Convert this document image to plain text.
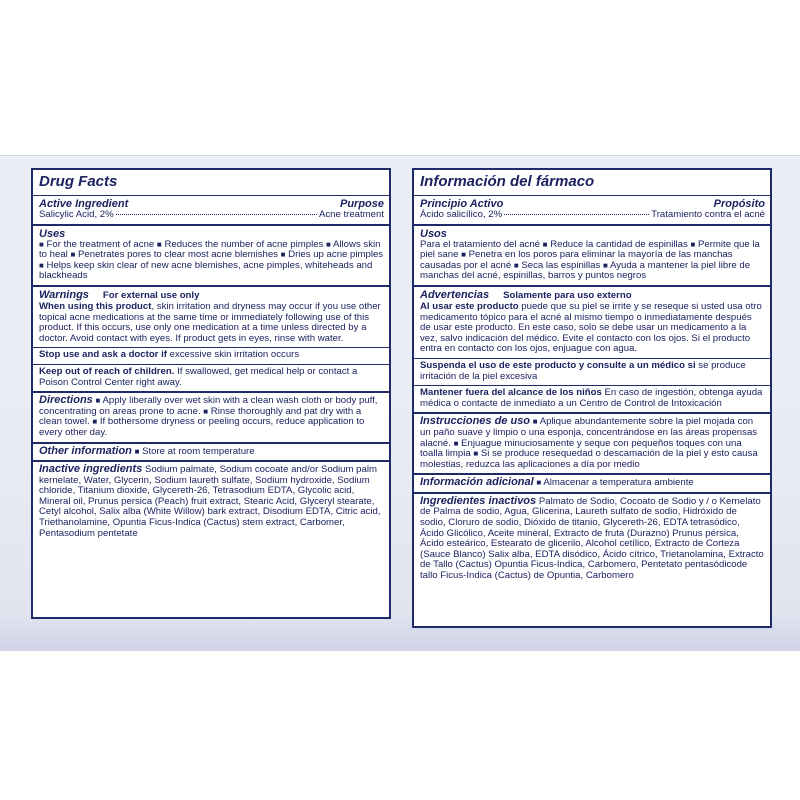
Drug Facts
Active Ingredient	Purpose
Salicylic Acid, 2%	Acne treatment
Uses

■ For the treatment of acne ■ Reduces the number of acne pimples ■ Allows skin to heal ■ Penetrates pores to clear most acne blemishes ■ Dries up acne pimples ■ Helps keep skin clear of new acne blemishes, acne pimples, whiteheads and blackheads

Warnings For external use only

When using this product, skin irritation and dryness may occur if you use other topical acne medications at the same time or immediately following use of this product. If this occurs, use only one medication at a time unless directed by a doctor. Avoid contact with eyes. If product gets in eyes, rinse with water.

Stop use and ask a doctor if excessive skin irritation occurs

Keep out of reach of children. If swallowed, get medical help or contact a Poison Control Center right away.

Directions ■ Apply liberally over wet skin with a clean wash cloth or body puff, concentrating on areas prone to acne. ■ Rinse thoroughly and pat dry with a clean towel. ■ If bothersome dryness or peeling occurs, reduce application to every other day.

Other information ■ Store at room temperature

Inactive ingredients Sodium palmate, Sodium cocoate and/or Sodium palm kernelate, Water, Glycerin, Sodium laureth sulfate, Sodium hydroxide, Sodium chloride, Titanium dioxide, Glycereth-26, Tetrasodium EDTA, Glycolic acid, Mineral oil, Prunus persica (Peach) fruit extract, Stearic Acid, Glyceryl stearate, Cetyl alcohol, Salix alba (White Willow) bark extract, Disodium EDTA, Citric acid, Triethanolamine, Opuntia Ficus-Indica (Cactus) stem extract, Carbomer, Pentasodium pentetate

Información del fármaco
Principio Activo	Propósito
Ácido salicílico, 2%	Tratamiento contra el acné
Usos

Para el tratamiento del acné ■ Reduce la cantidad de espinillas ■ Permite que la piel sane ■ Penetra en los poros para eliminar la mayoría de las manchas causadas por el acné ■ Seca las espinillas ■ Ayuda a mantener la piel libre de manchas del acné, espinillas, barros y puntos negros

Advertencias Solamente para uso externo

Al usar este producto puede que su piel se irrite y se reseque si usted usa otro medicamento tópico para el acné al mismo tiempo o inmediatamente después de usar este producto. En este caso, solo se debe usar un medicamento a la vez, salvo indicación del médico. Evite el contacto con los ojos. Si el producto entra en contacto con los ojos, enjuague con agua.

Suspenda el uso de este producto y consulte a un médico si se produce irritación de la piel excesiva

Mantener fuera del alcance de los niños En caso de ingestión, obtenga ayuda médica o contacte de inmediato a un Centro de Control de Intoxicación

Instrucciones de uso ■ Aplique abundantemente sobre la piel mojada con un paño suave y limpio o una esponja, concentrándose en las áreas propensas alacné. ■ Enjuague minuciosamente y seque con pequeños toques con una toalla limpia ■ Si se produce resequedad o descamación de la piel y esto causa molestias, reduzca las aplicaciones a día por medio

Información adicional ■ Almacenar a temperatura ambiente

Ingredientes inactivos Palmato de Sodio, Cocoato de Sodio y / o Kernelato de Palma de sodio, Agua, Glicerina, Laureth sulfato de sodio, Hidróxido de sodio, Cloruro de sodio, Dióxido de titanio, Glycereth-26, EDTA tetrasódico, Ácido Glicólico, Aceite mineral, Extracto de fruta (Durazno) Prunus pérsica, Ácido esteárico, Estearato de glicerilo, Alcohol cetílico, Extracto de Corteza (Sauce Blanco) Salix alba, EDTA disódico, Ácido cítrico, Trietanolamina, Extracto de Tallo (Cactus) Opuntia Ficus-Indica, Carbomero, Pentetato pentasódicode tallo Ficus-Indica (Cactus) de Opuntia, Carbomero
